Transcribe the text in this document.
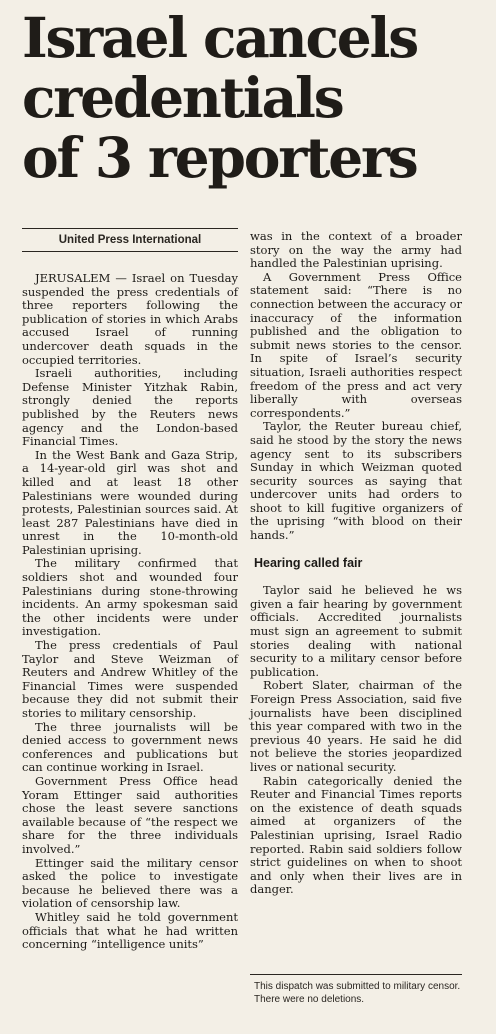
Israel cancels
credentials
of 3 reporters
United Press International

JERUSALEM — Israel on Tuesday suspended the press credentials of three reporters following the publication of stories in which Arabs accused Israel of running undercover death squads in the occupied territories.

Israeli authorities, including Defense Minister Yitzhak Rabin, strongly denied the reports published by the Reuters news agency and the London-based Financial Times.

In the West Bank and Gaza Strip, a 14-year-old girl was shot and killed and at least 18 other Palestinians were wounded during protests, Palestinian sources said. At least 287 Palestinians have died in unrest in the 10-month-old Palestinian uprising.

The military confirmed that soldiers shot and wounded four Palestinians during stone-throwing incidents. An army spokesman said the other incidents were under investigation.

The press credentials of Paul Taylor and Steve Weizman of Reuters and Andrew Whitley of the Financial Times were suspended because they did not submit their stories to military censorship.

The three journalists will be denied access to government news conferences and publications but can continue working in Israel.

Government Press Office head Yoram Ettinger said authorities chose the least severe sanctions available because of “the respect we share for the three individuals involved.”

Ettinger said the military censor asked the police to investigate because he believed there was a violation of censorship law.

Whitley said he told government officials that what he had written concerning “intelligence units”

was in the context of a broader story on the way the army had handled the Palestinian uprising.

A Government Press Office statement said: “There is no connection between the accuracy or inaccuracy of the information published and the obligation to submit news stories to the censor. In spite of Israel’s security situation, Israeli authorities respect freedom of the press and act very liberally with overseas correspondents.”

Taylor, the Reuter bureau chief, said he stood by the story the news agency sent to its subscribers Sunday in which Weizman quoted security sources as saying that undercover units had orders to shoot to kill fugitive organizers of the uprising “with blood on their hands.”

Hearing called fair

Taylor said he believed he ws given a fair hearing by government officials. Accredited journalists must sign an agreement to submit stories dealing with national security to a military censor before publication.

Robert Slater, chairman of the Foreign Press Association, said five journalists have been disciplined this year compared with two in the previous 40 years. He said he did not believe the stories jeopardized lives or national security.

Rabin categorically denied the Reuter and Financial Times reports on the existence of death squads aimed at organizers of the Palestinian uprising, Israel Radio reported. Rabin said soldiers follow strict guidelines on when to shoot and only when their lives are in danger.

This dispatch was submitted to military censor. There were no deletions.
